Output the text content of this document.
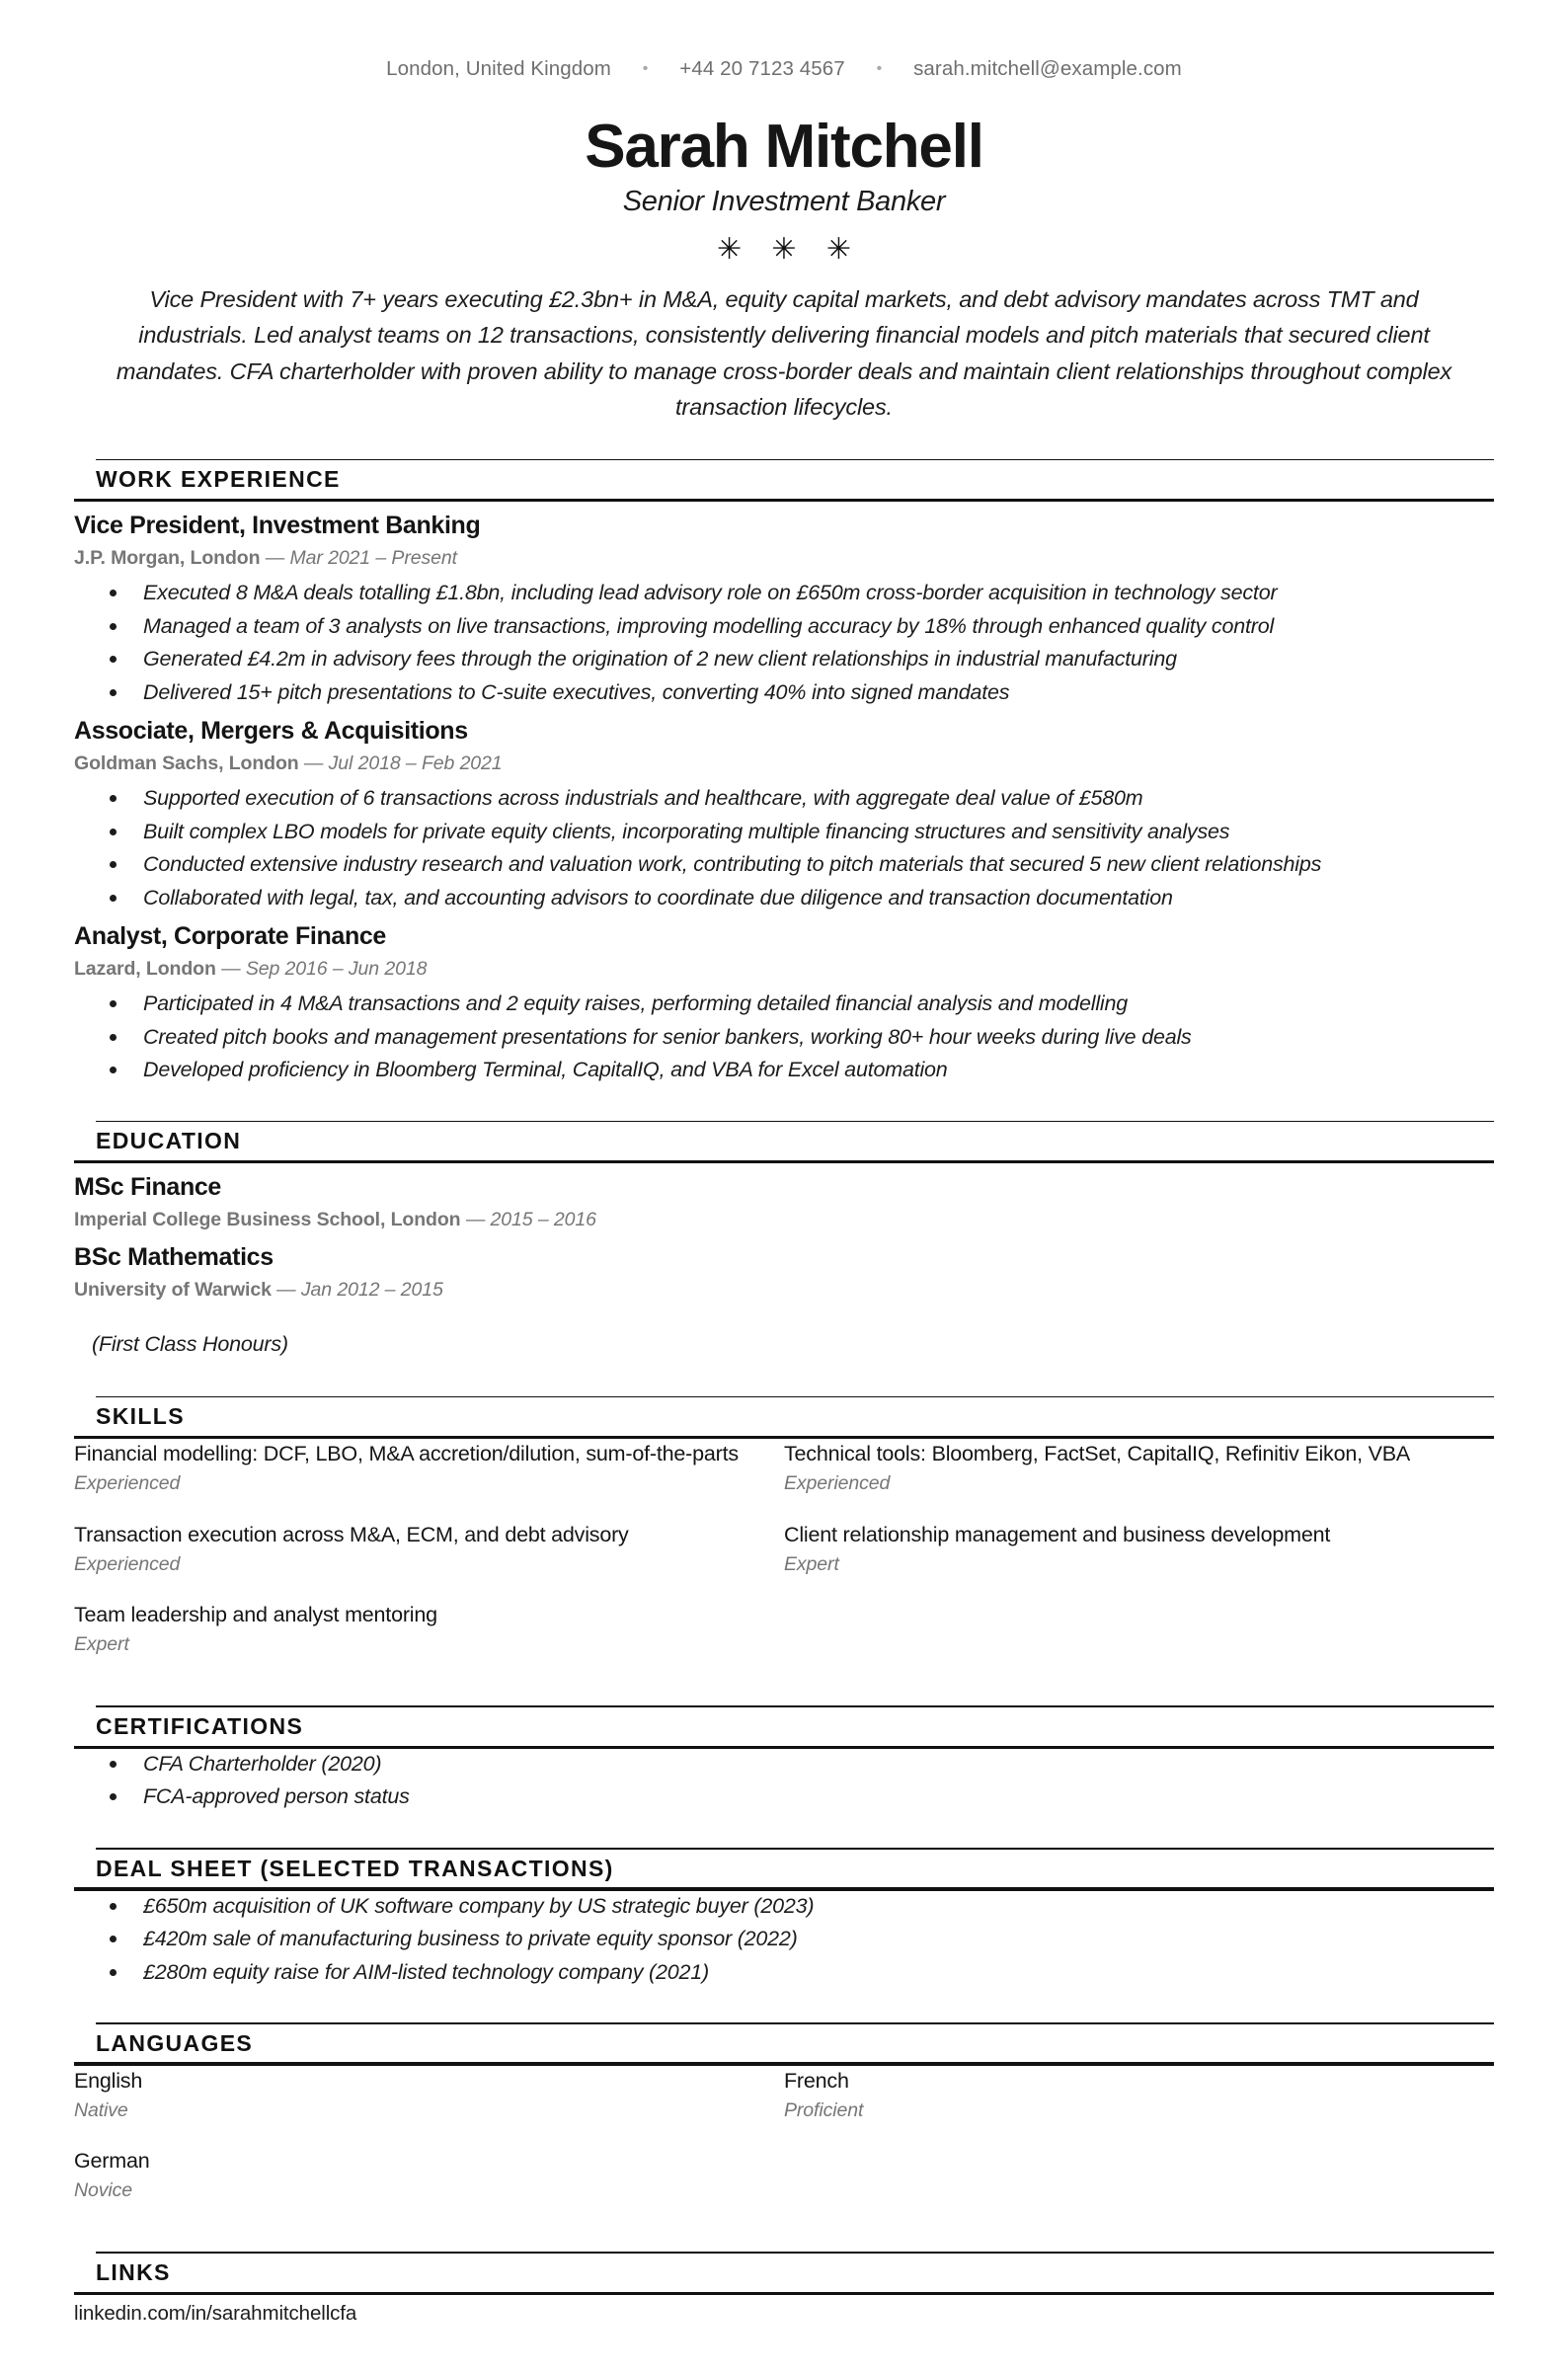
London, United Kingdom • +44 20 7123 4567 • sarah.mitchell@example.com
Sarah Mitchell
Senior Investment Banker
✳ ✳ ✳
Vice President with 7+ years executing £2.3bn+ in M&A, equity capital markets, and debt advisory mandates across TMT and industrials. Led analyst teams on 12 transactions, consistently delivering financial models and pitch materials that secured client mandates. CFA charterholder with proven ability to manage cross-border deals and maintain client relationships throughout complex transaction lifecycles.
WORK EXPERIENCE
Vice President, Investment Banking
J.P. Morgan, London — Mar 2021 – Present
Executed 8 M&A deals totalling £1.8bn, including lead advisory role on £650m cross-border acquisition in technology sector
Managed a team of 3 analysts on live transactions, improving modelling accuracy by 18% through enhanced quality control
Generated £4.2m in advisory fees through the origination of 2 new client relationships in industrial manufacturing
Delivered 15+ pitch presentations to C-suite executives, converting 40% into signed mandates
Associate, Mergers & Acquisitions
Goldman Sachs, London — Jul 2018 – Feb 2021
Supported execution of 6 transactions across industrials and healthcare, with aggregate deal value of £580m
Built complex LBO models for private equity clients, incorporating multiple financing structures and sensitivity analyses
Conducted extensive industry research and valuation work, contributing to pitch materials that secured 5 new client relationships
Collaborated with legal, tax, and accounting advisors to coordinate due diligence and transaction documentation
Analyst, Corporate Finance
Lazard, London — Sep 2016 – Jun 2018
Participated in 4 M&A transactions and 2 equity raises, performing detailed financial analysis and modelling
Created pitch books and management presentations for senior bankers, working 80+ hour weeks during live deals
Developed proficiency in Bloomberg Terminal, CapitalIQ, and VBA for Excel automation
EDUCATION
MSc Finance
Imperial College Business School, London — 2015 – 2016
BSc Mathematics
University of Warwick — Jan 2012 – 2015
(First Class Honours)
SKILLS
Financial modelling: DCF, LBO, M&A accretion/dilution, sum-of-the-parts
Experienced
Technical tools: Bloomberg, FactSet, CapitalIQ, Refinitiv Eikon, VBA
Experienced
Transaction execution across M&A, ECM, and debt advisory
Experienced
Client relationship management and business development
Expert
Team leadership and analyst mentoring
Expert
CERTIFICATIONS
CFA Charterholder (2020)
FCA-approved person status
DEAL SHEET (SELECTED TRANSACTIONS)
£650m acquisition of UK software company by US strategic buyer (2023)
£420m sale of manufacturing business to private equity sponsor (2022)
£280m equity raise for AIM-listed technology company (2021)
LANGUAGES
English
Native
French
Proficient
German
Novice
LINKS
linkedin.com/in/sarahmitchellcfa
